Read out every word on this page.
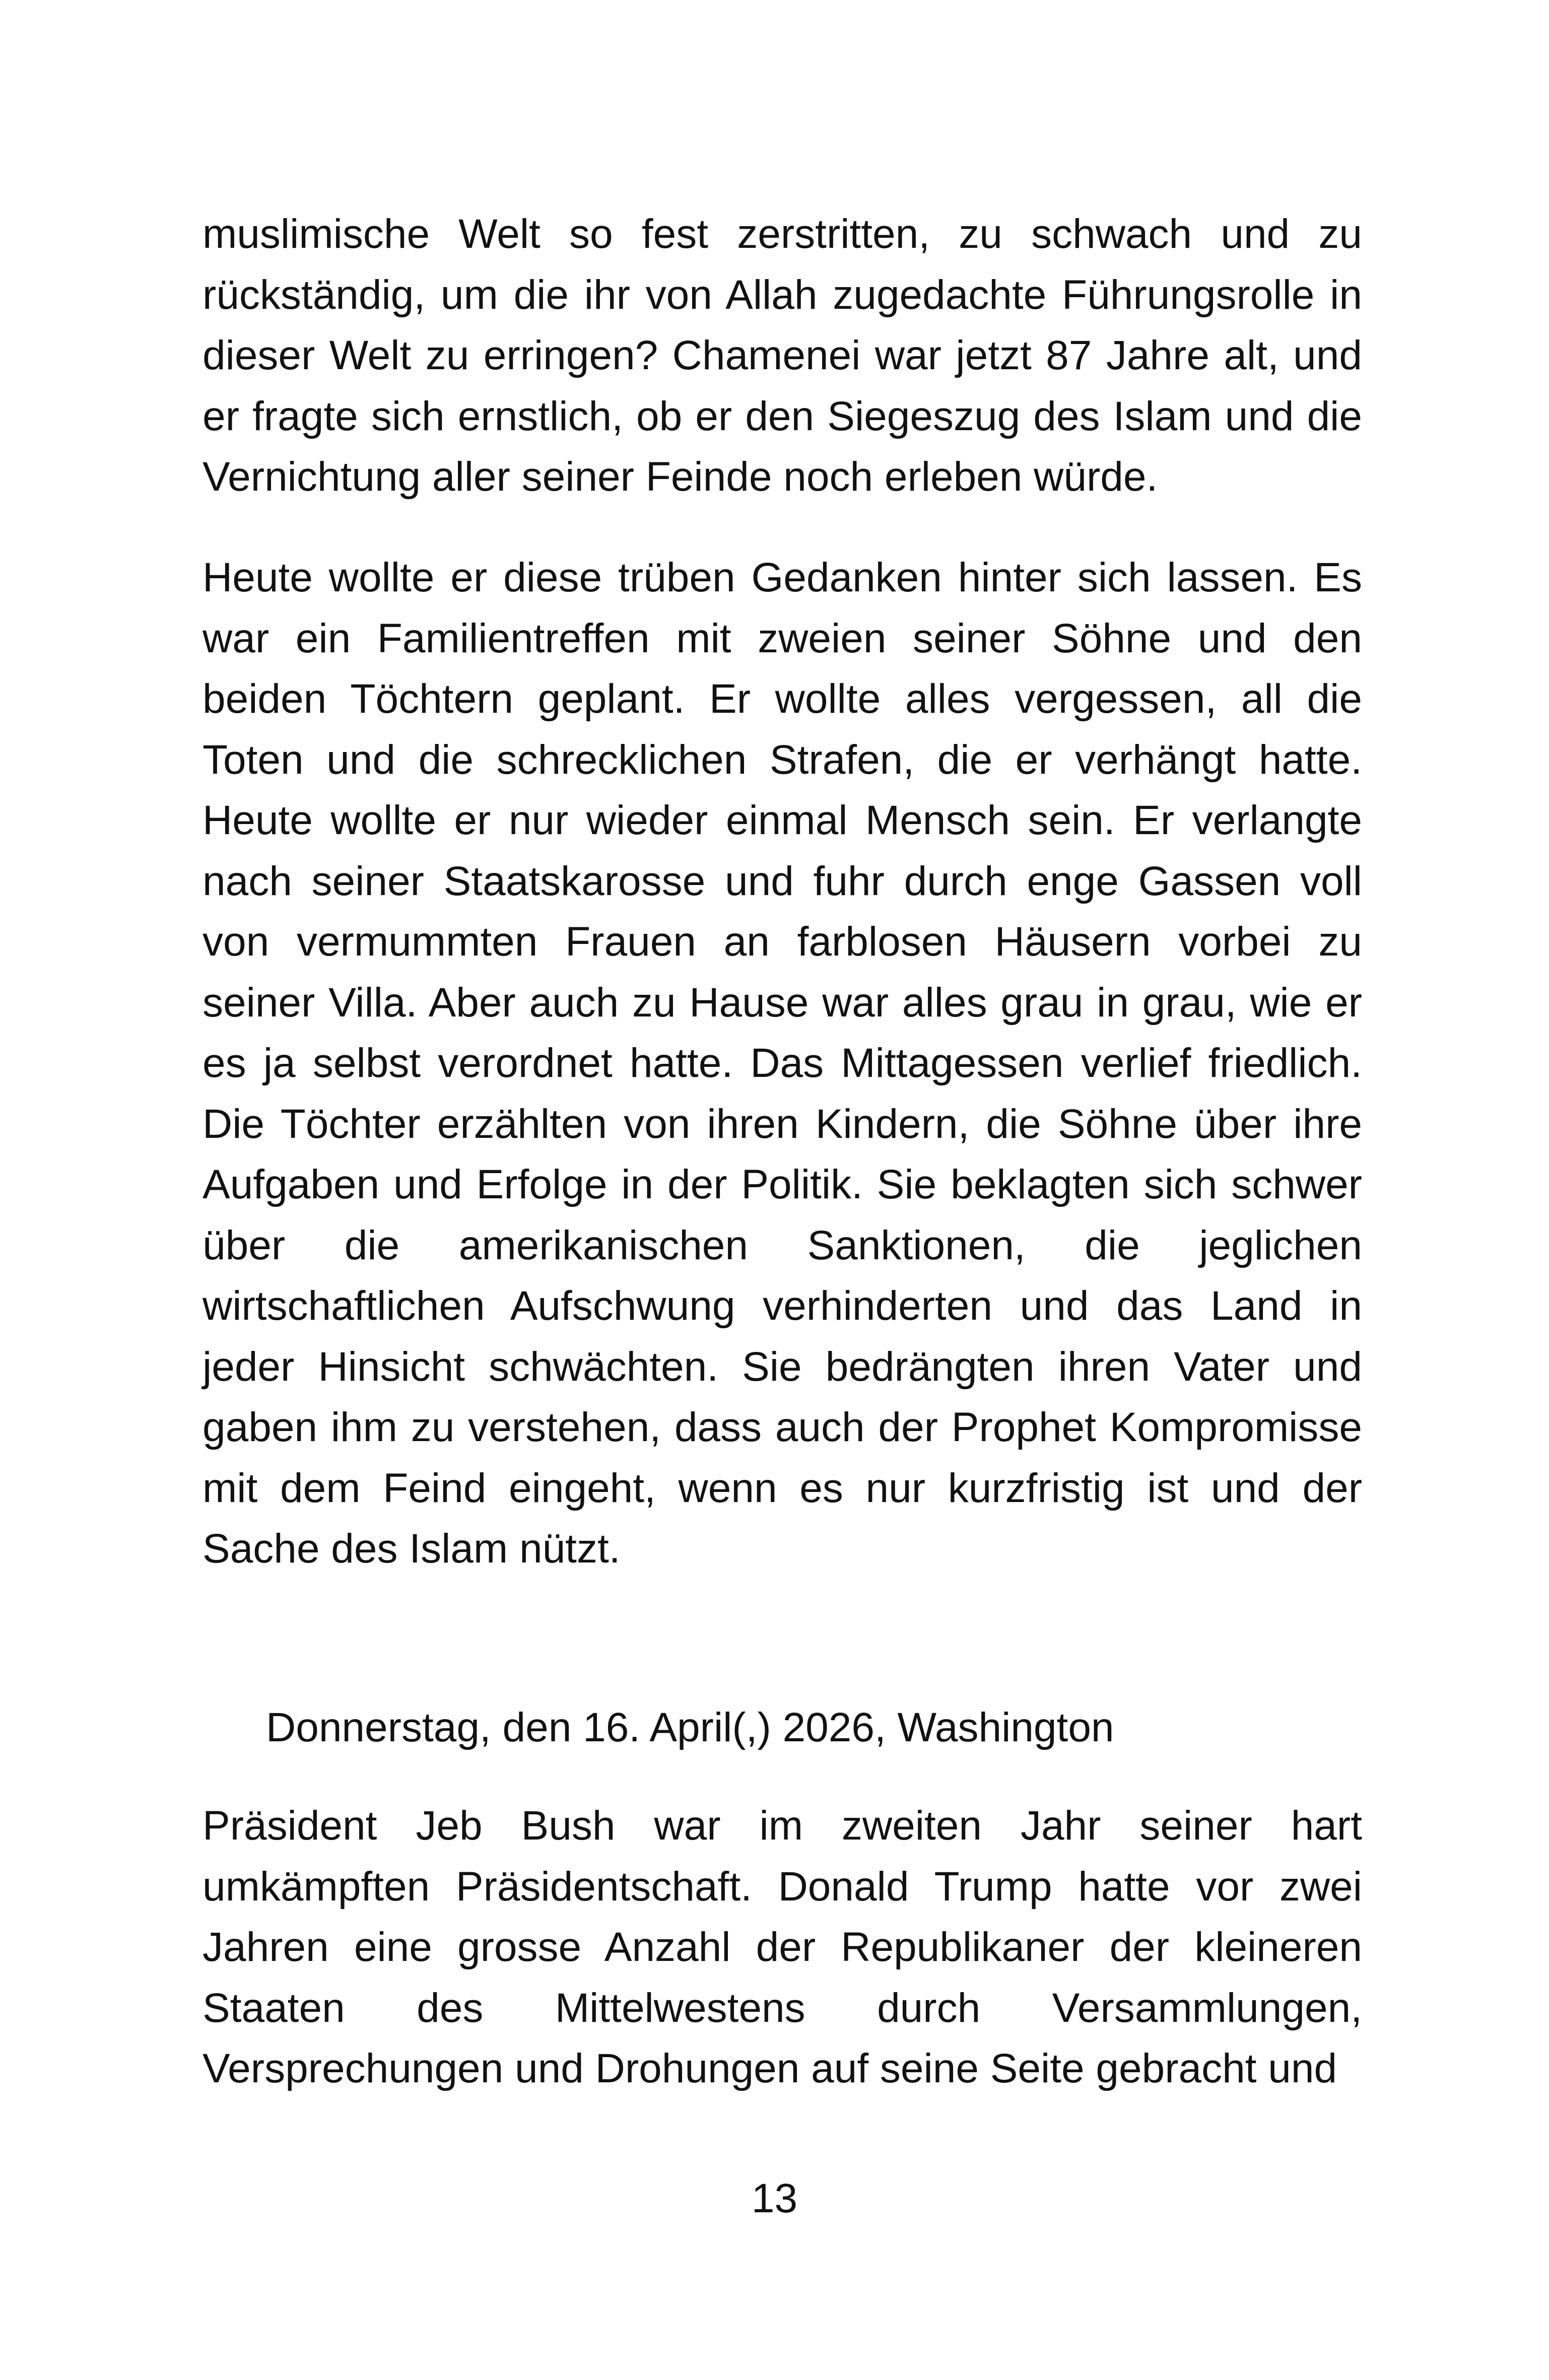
muslimische Welt so fest zerstritten, zu schwach und zu rückständig, um die ihr von Allah zugedachte Führungsrolle in dieser Welt zu erringen? Chamenei war jetzt 87 Jahre alt, und er fragte sich ernstlich, ob er den Siegeszug des Islam und die Vernichtung aller seiner Feinde noch erleben würde.

Heute wollte er diese trüben Gedanken hinter sich lassen. Es war ein Familientreffen mit zweien seiner Söhne und den beiden Töchtern geplant. Er wollte alles vergessen, all die Toten und die schrecklichen Strafen, die er verhängt hatte. Heute wollte er nur wieder einmal Mensch sein. Er verlangte nach seiner Staatskarosse und fuhr durch enge Gassen voll von vermummten Frauen an farblosen Häusern vorbei zu seiner Villa. Aber auch zu Hause war alles grau in grau, wie er es ja selbst verordnet hatte. Das Mittagessen verlief friedlich. Die Töchter erzählten von ihren Kindern, die Söhne über ihre Aufgaben und Erfolge in der Politik. Sie beklagten sich schwer über die amerikanischen Sanktionen, die jeglichen wirtschaftlichen Aufschwung verhinderten und das Land in jeder Hinsicht schwächten. Sie bedrängten ihren Vater und gaben ihm zu verstehen, dass auch der Prophet Kompromisse mit dem Feind eingeht, wenn es nur kurzfristig ist und der Sache des Islam nützt.

Donnerstag, den 16. April(,) 2026, Washington

Präsident Jeb Bush war im zweiten Jahr seiner hart umkämpften Präsidentschaft. Donald Trump hatte vor zwei Jahren eine grosse Anzahl der Republikaner der kleineren Staaten des Mittelwestens durch Versammlungen, Versprechungen und Drohungen auf seine Seite gebracht und

13
